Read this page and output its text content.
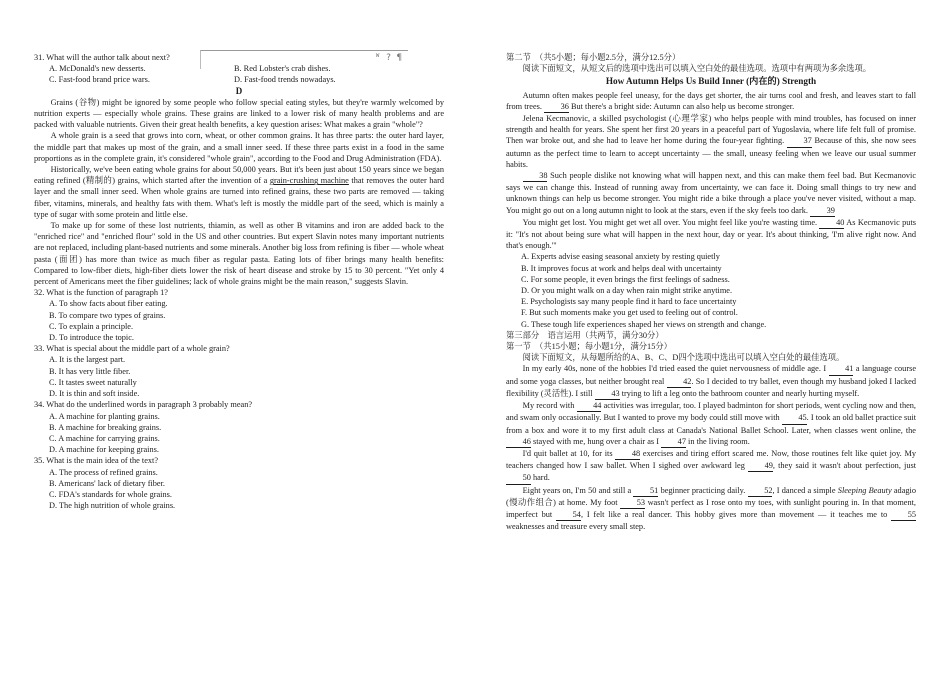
ᵂ ? ¶

31. What will the author talk about next?

A. McDonald's new desserts.	B. Red Lobster's crab dishes.
C. Fast-food brand price wars.	D. Fast-food trends nowadays.
D

Grains (谷物) might be ignored by some people who follow special eating styles, but they're warmly welcomed by nutrition experts — especially whole grains. These grains are linked to a lower risk of many health problems and are packed with valuable nutrients. Given their great health benefits, a key question arises: What makes a grain "whole"?

A whole grain is a seed that grows into corn, wheat, or other common grains. It has three parts: the outer hard layer, the middle part that makes up most of the grain, and a small inner seed. If these three parts exist in a food in the same proportions as in the complete grain, it's considered "whole grain", according to the Food and Drug Administration (FDA).

Historically, we've been eating whole grains for about 50,000 years. But it's been just about 150 years since we began eating refined (精制的) grains, which started after the invention of a grain-crushing machine that removes the outer hard layer and the small inner seed. When whole grains are turned into refined grains, these two parts are removed — taking fiber, vitamins, minerals, and healthy fats with them. What's left is mostly the middle part of the seed, which is mainly a type of sugar with some protein and little else.

To make up for some of these lost nutrients, thiamin, as well as other B vitamins and iron are added back to the "enriched rice" and "enriched flour" sold in the US and other countries. But expert Slavin notes many important nutrients are not replaced, including plant-based nutrients and some minerals. Another big loss from refining is fiber — whole wheat pasta (面团) has more than twice as much fiber as regular pasta. Eating lots of fiber brings many health benefits: Compared to low-fiber diets, high-fiber diets lower the risk of heart disease and stroke by 15 to 30 percent. "Yet only 4 percent of Americans meet the fiber guidelines; lack of whole grains might be the main reason," suggests Slavin.

32. What is the function of paragraph 1?

A. To show facts about fiber eating.
B. To compare two types of grains.
C. To explain a principle.
D. To introduce the topic.

33. What is special about the middle part of a whole grain?

A. It is the largest part.
B. It has very little fiber.
C. It tastes sweet naturally
D. It is thin and soft inside.

34. What do the underlined words in paragraph 3 probably mean?

A. A machine for planting grains.
B. A machine for breaking grains.
C. A machine for carrying grains.
D. A machine for keeping grains.

35. What is the main idea of the text?

A. The process of refined grains.
B. Americans' lack of dietary fiber.
C. FDA's standards for whole grains.
D. The high nutrition of whole grains.

第二节　（共5小题；每小题2.5分，满分12.5分）

阅读下面短文，从短文后的选项中选出可以填入空白处的最佳选项。选项中有两项为多余选项。

How Autumn Helps Us Build Inner (内在的) Strength

Autumn often makes people feel uneasy, for the days get shorter, the air turns cool and fresh, and leaves start to fall from trees. 36 But there's a bright side: Autumn can also help us become stronger.

Jelena Kecmanovic, a skilled psychologist (心理学家) who helps people with mind troubles, has focused on inner strength and health for years. She spent her first 20 years in a peaceful part of Yugoslavia, where life felt full of promise. Then war broke out, and she had to leave her home during the four-year fighting. 37 Because of this, she now sees autumn as the perfect time to learn to accept uncertainty — the small, uneasy feeling when we leave our usual summer habits.

38 Such people dislike not knowing what will happen next, and this can make them feel bad. But Kecmanovic says we can change this. Instead of running away from uncertainty, we can face it. Doing small things to try new and unknown things can help us become stronger. You might ride a bike through a place you've never visited, without a map. You might go out on a long autumn night to look at the stars, even if the sky feels too dark. 39

You might get lost. You might get wet all over. You might feel like you're wasting time. 40 As Kecmanovic puts it: "It's not about being sure what will happen in the next hour, day or year. It's about thinking, 'I'm alive right now. And that's enough.'"

A. Experts advise easing seasonal anxiety by resting quietly
B. It improves focus at work and helps deal with uncertainty
C. For some people, it even brings the first feelings of sadness.
D. Or you might walk on a day when rain might strike anytime.
E. Psychologists say many people find it hard to face uncertainty
F. But such moments make you get used to feeling out of control.
G. These tough life experiences shaped her views on strength and change.

第三部分　语言运用（共两节，满分30分）

第一节　（共15小题；每小题1分，满分15分）

阅读下面短文，从每题所给的A、B、C、D四个选项中选出可以填入空白处的最佳选项。

In my early 40s, none of the hobbies I'd tried eased the quiet nervousness of middle age. I 41 a language course and some yoga classes, but neither brought real 42. So I decided to try ballet, even though my husband joked I lacked flexibility (灵活性). I still 43 trying to lift a leg onto the bathroom counter and nearly hurting myself.

My record with 44 activities was irregular, too. I played badminton for short periods, went cycling now and then, and swam only occasionally. But I wanted to prove my body could still move with 45. I took an old ballet practice suit from a box and wore it to my first adult class at Canada's National Ballet School. Later, when classes went online, the 46 stayed with me, hung over a chair as I 47 in the living room.

I'd quit ballet at 10, for its 48 exercises and tiring effort scared me. Now, those routines felt like quiet joy. My teachers changed how I saw ballet. When I sighed over awkward leg 49, they said it wasn't about perfection, just 50 hard.

Eight years on, I'm 50 and still a 51 beginner practicing daily. 52, I danced a simple Sleeping Beauty adagio (慢动作组合) at home. My foot 53 wasn't perfect as I rose onto my toes, with sunlight pouring in. In that moment, imperfect but 54, I felt like a real dancer. This hobby gives more than movement — it teaches me to 55 weaknesses and treasure every small step.
